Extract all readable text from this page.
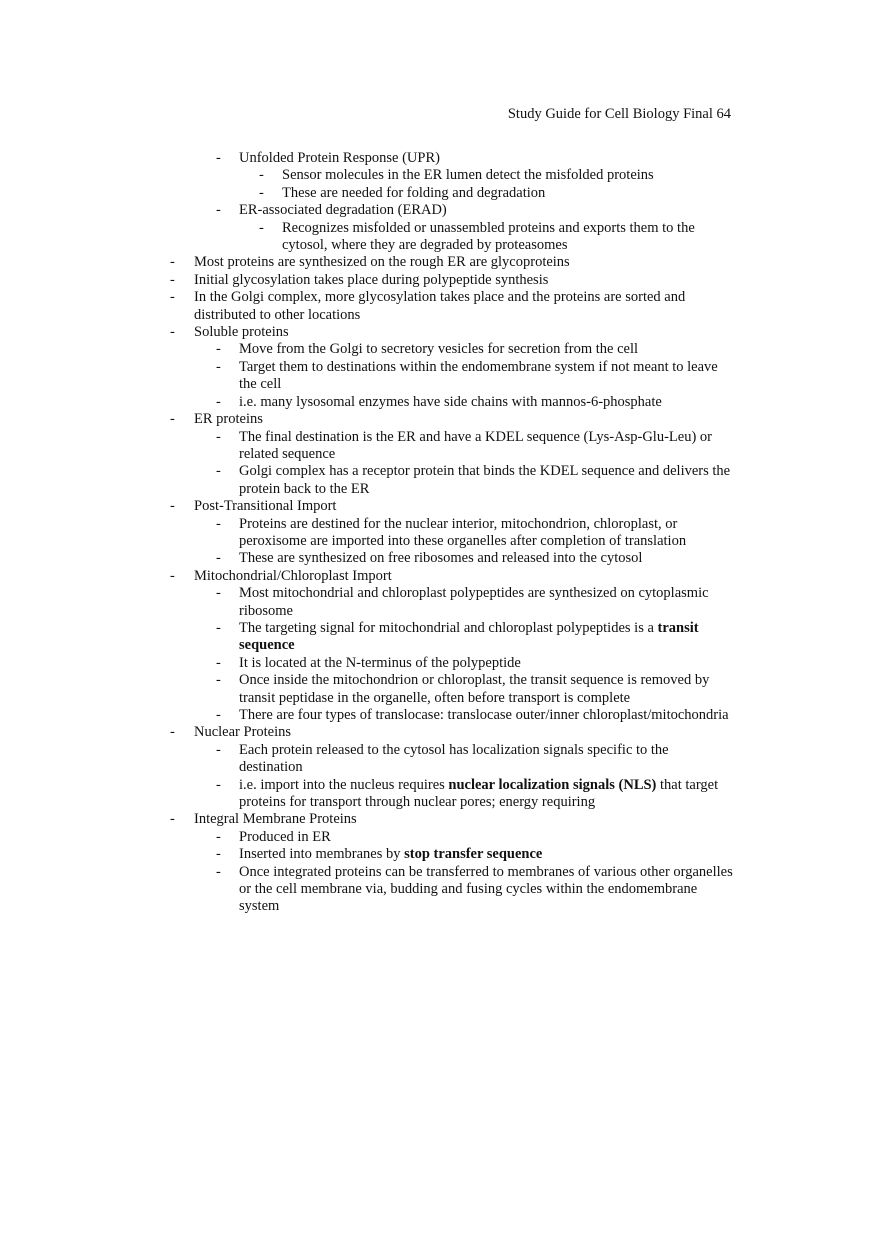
Study Guide for Cell Biology Final 64
- Unfolded Protein Response (UPR)
- Sensor molecules in the ER lumen detect the misfolded proteins
- These are needed for folding and degradation
- ER-associated degradation (ERAD)
- Recognizes misfolded or unassembled proteins and exports them to the cytosol, where they are degraded by proteasomes
- Most proteins are synthesized on the rough ER are glycoproteins
- Initial glycosylation takes place during polypeptide synthesis
- In the Golgi complex, more glycosylation takes place and the proteins are sorted and distributed to other locations
- Soluble proteins
- Move from the Golgi to secretory vesicles for secretion from the cell
- Target them to destinations within the endomembrane system if not meant to leave the cell
- i.e. many lysosomal enzymes have side chains with mannos-6-phosphate
- ER proteins
- The final destination is the ER and have a KDEL sequence (Lys-Asp-Glu-Leu) or related sequence
- Golgi complex has a receptor protein that binds the KDEL sequence and delivers the protein back to the ER
- Post-Transitional Import
- Proteins are destined for the nuclear interior, mitochondrion, chloroplast, or peroxisome are imported into these organelles after completion of translation
- These are synthesized on free ribosomes and released into the cytosol
- Mitochondrial/Chloroplast Import
- Most mitochondrial and chloroplast polypeptides are synthesized on cytoplasmic ribosome
- The targeting signal for mitochondrial and chloroplast polypeptides is a transit sequence
- It is located at the N-terminus of the polypeptide
- Once inside the mitochondrion or chloroplast, the transit sequence is removed by transit peptidase in the organelle, often before transport is complete
- There are four types of translocase: translocase outer/inner chloroplast/mitochondria
- Nuclear Proteins
- Each protein released to the cytosol has localization signals specific to the destination
- i.e. import into the nucleus requires nuclear localization signals (NLS) that target proteins for transport through nuclear pores; energy requiring
- Integral Membrane Proteins
- Produced in ER
- Inserted into membranes by stop transfer sequence
- Once integrated proteins can be transferred to membranes of various other organelles or the cell membrane via, budding and fusing cycles within the endomembrane system
